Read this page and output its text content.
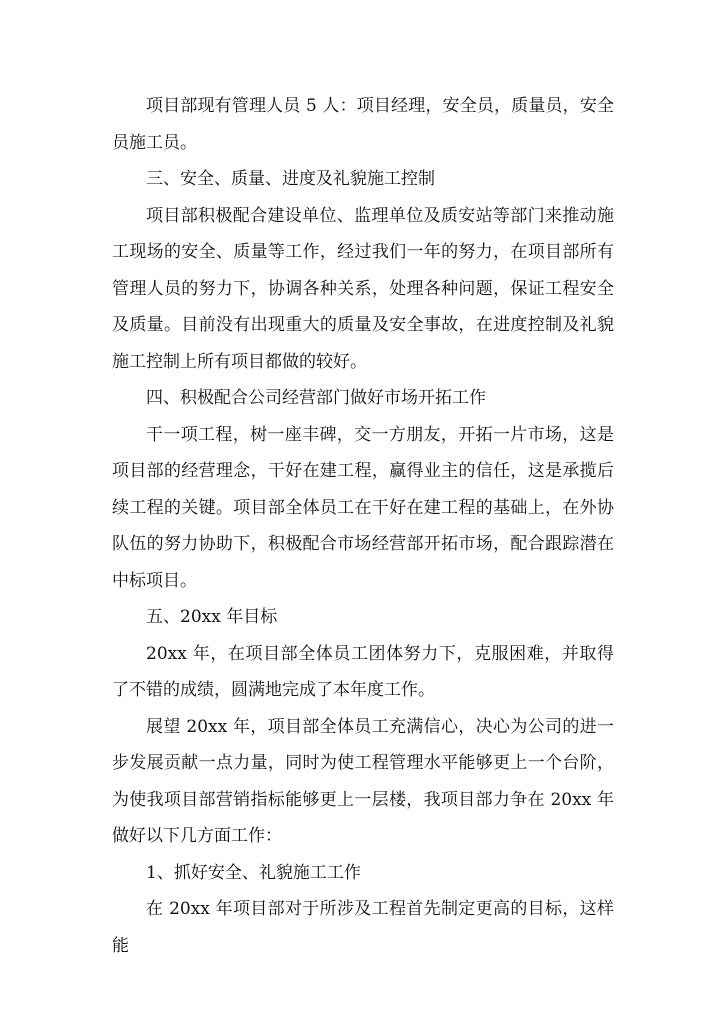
项目部现有管理人员 5 人：项目经理，安全员，质量员，安全员施工员。

三、安全、质量、进度及礼貌施工控制

项目部积极配合建设单位、监理单位及质安站等部门来推动施工现场的安全、质量等工作，经过我们一年的努力，在项目部所有管理人员的努力下，协调各种关系，处理各种问题，保证工程安全及质量。目前没有出现重大的质量及安全事故，在进度控制及礼貌施工控制上所有项目都做的较好。

四、积极配合公司经营部门做好市场开拓工作

干一项工程，树一座丰碑，交一方朋友，开拓一片市场，这是项目部的经营理念，干好在建工程，赢得业主的信任，这是承揽后续工程的关键。项目部全体员工在干好在建工程的基础上，在外协队伍的努力协助下，积极配合市场经营部开拓市场，配合跟踪潜在中标项目。

五、20xx 年目标

20xx 年，在项目部全体员工团体努力下，克服困难，并取得了不错的成绩，圆满地完成了本年度工作。

展望 20xx 年，项目部全体员工充满信心，决心为公司的进一步发展贡献一点力量，同时为使工程管理水平能够更上一个台阶，为使我项目部营销指标能够更上一层楼，我项目部力争在 20xx 年做好以下几方面工作：

1、抓好安全、礼貌施工工作

在 20xx 年项目部对于所涉及工程首先制定更高的目标，这样能
